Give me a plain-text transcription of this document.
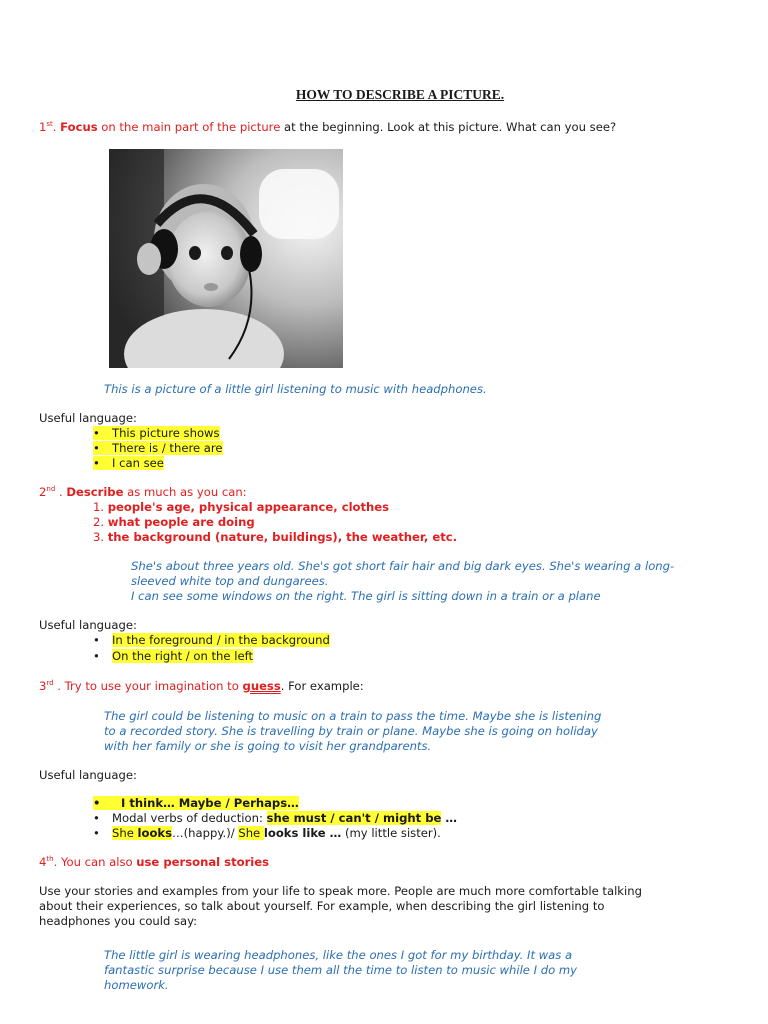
HOW TO DESCRIBE A PICTURE.
1st. Focus on the main part of the picture at the beginning. Look at this picture. What can you see?
This is a picture of a little girl listening to music with headphones.
Useful language:
• This picture shows
• There is / there are
• I can see
2nd . Describe as much as you can:
1. people's age, physical appearance, clothes
2. what people are doing
3. the background (nature, buildings), the weather, etc.
She's about three years old. She's got short fair hair and big dark eyes. She's wearing a long-
sleeved white top and dungarees.
I can see some windows on the right. The girl is sitting down in a train or a plane
Useful language:
• In the foreground / in the background
• On the right / on the left
3rd . Try to use your imagination to guess. For example:
The girl could be listening to music on a train to pass the time. Maybe she is listening
to a recorded story. She is travelling by train or plane. Maybe she is going on holiday
with her family or she is going to visit her grandparents.
Useful language:
• I think… Maybe / Perhaps…
• Modal verbs of deduction: she must / can't / might be …
• She looks…(happy.)/ She looks like … (my little sister).
4th. You can also use personal stories
Use your stories and examples from your life to speak more. People are much more comfortable talking
about their experiences, so talk about yourself. For example, when describing the girl listening to
headphones you could say:
The little girl is wearing headphones, like the ones I got for my birthday. It was a
fantastic surprise because I use them all the time to listen to music while I do my
homework.
